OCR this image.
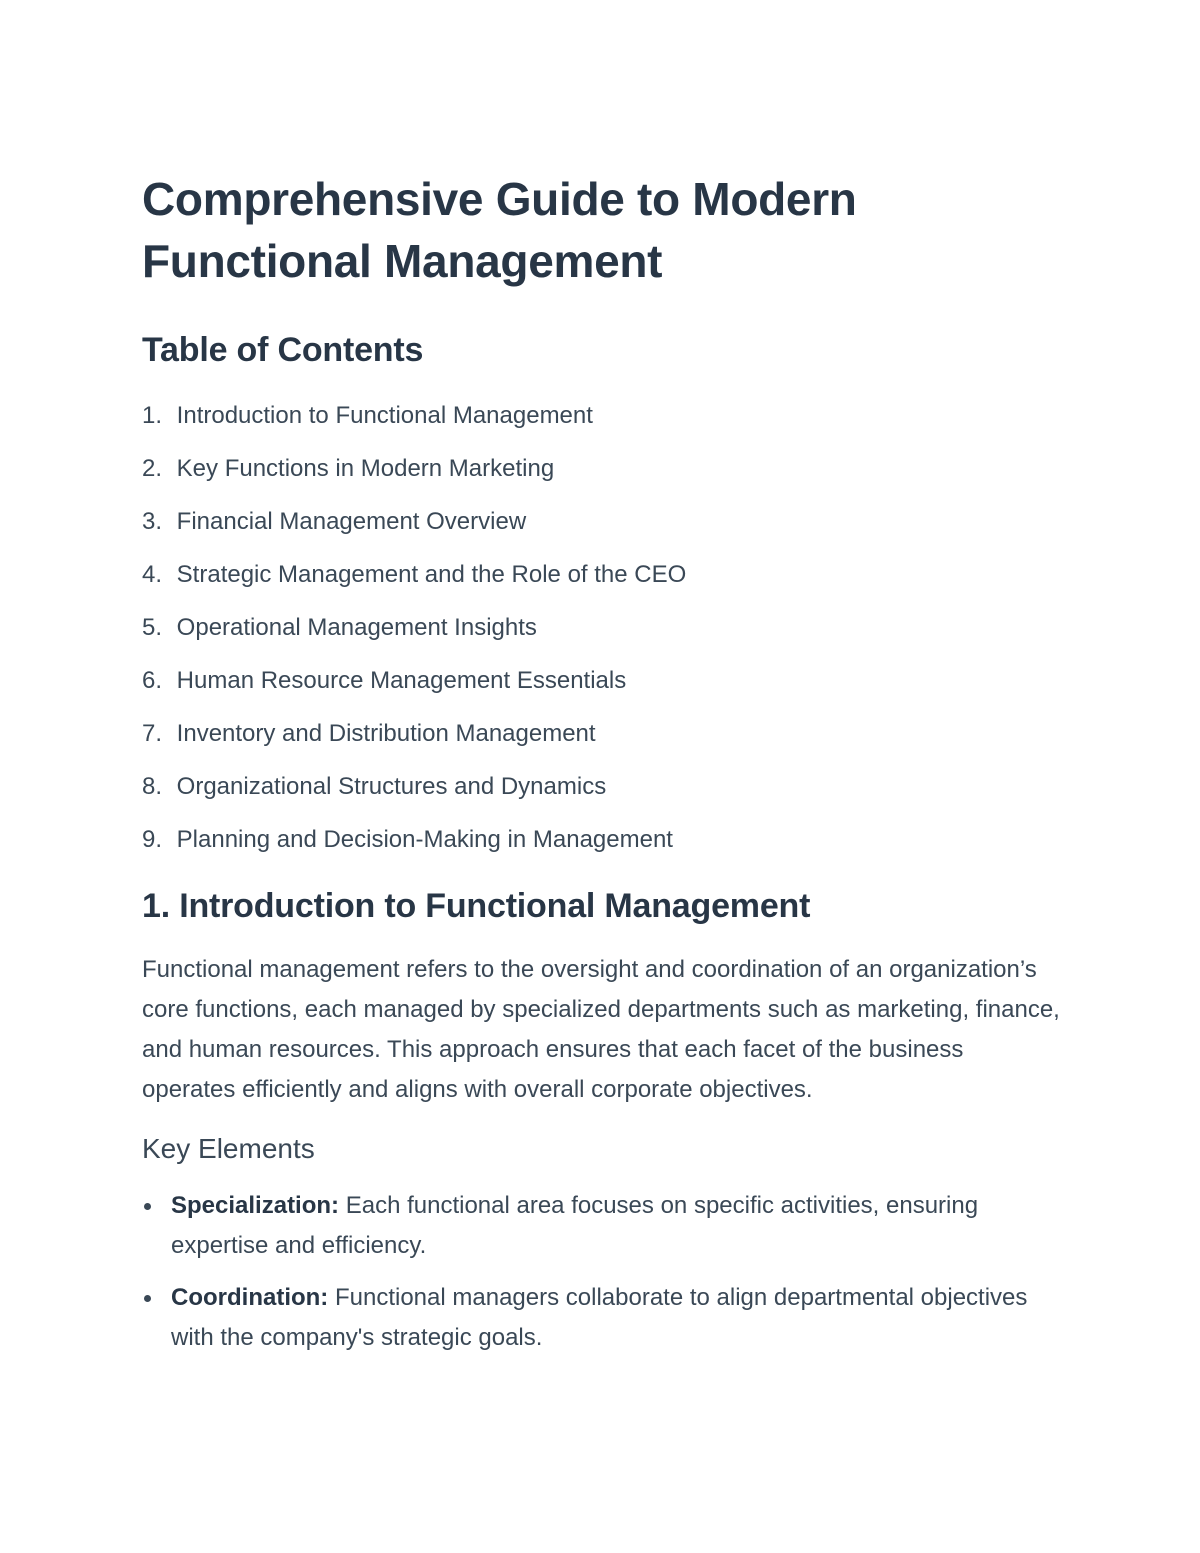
Comprehensive Guide to Modern Functional Management
Table of Contents
1. Introduction to Functional Management
2. Key Functions in Modern Marketing
3. Financial Management Overview
4. Strategic Management and the Role of the CEO
5. Operational Management Insights
6. Human Resource Management Essentials
7. Inventory and Distribution Management
8. Organizational Structures and Dynamics
9. Planning and Decision-Making in Management
1. Introduction to Functional Management

Functional management refers to the oversight and coordination of an organization’s core functions, each managed by specialized departments such as marketing, finance, and human resources. This approach ensures that each facet of the business operates efficiently and aligns with overall corporate objectives.

Key Elements
Specialization: Each functional area focuses on specific activities, ensuring expertise and efficiency.
Coordination: Functional managers collaborate to align departmental objectives with the company's strategic goals.
